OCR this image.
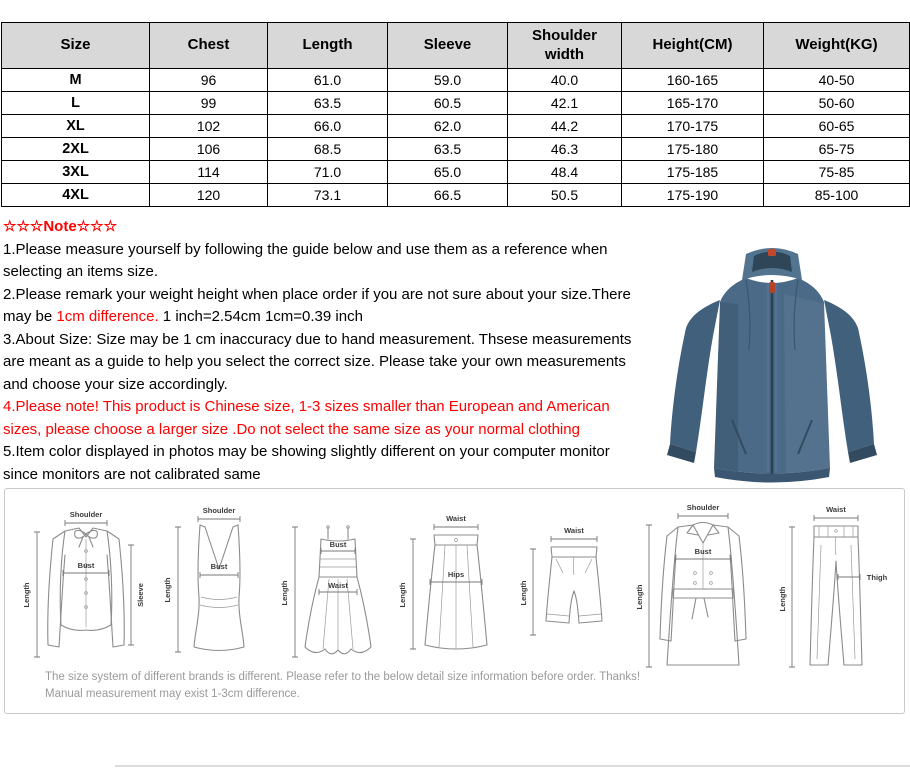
Size	Chest	Length	Sleeve	Shoulder width	Height(CM)	Weight(KG)
M	96	61.0	59.0	40.0	160-165	40-50
L	99	63.5	60.5	42.1	165-170	50-60
XL	102	66.0	62.0	44.2	170-175	60-65
2XL	106	68.5	63.5	46.3	175-180	65-75
3XL	114	71.0	65.0	48.4	175-185	75-85
4XL	120	73.1	66.5	50.5	175-190	85-100
☆☆☆Note☆☆☆

1.Please measure yourself by following the guide below and use them as a reference when selecting an items size.

2.Please remark your weight height when place order if you are not sure about your size.There may be 1cm difference. 1 inch=2.54cm 1cm=0.39 inch

3.About Size: Size may be 1 cm inaccuracy due to hand measurement. Thsese measurements are meant as a guide to help you select the correct size. Please take your own measurements and choose your size accordingly.

4.Please note! This product is Chinese size, 1-3 sizes smaller than European and American sizes, please choose a larger size .Do not select the same size as your normal clothing

5.Item color displayed in photos may be showing slightly different on your computer monitor since monitors are not calibrated same

Length
Shoulder
Bust
Sleeve Length
Shoulder
Bust
Length
Bust
Waist	Length
Waist
Hips
Length
Waist
Length
Shoulder
Bust
Length
Waist
Thigh
The size system of different brands is different. Please refer to the below detail size information before order. Thanks!
Manual measurement may exist 1-3cm difference.
